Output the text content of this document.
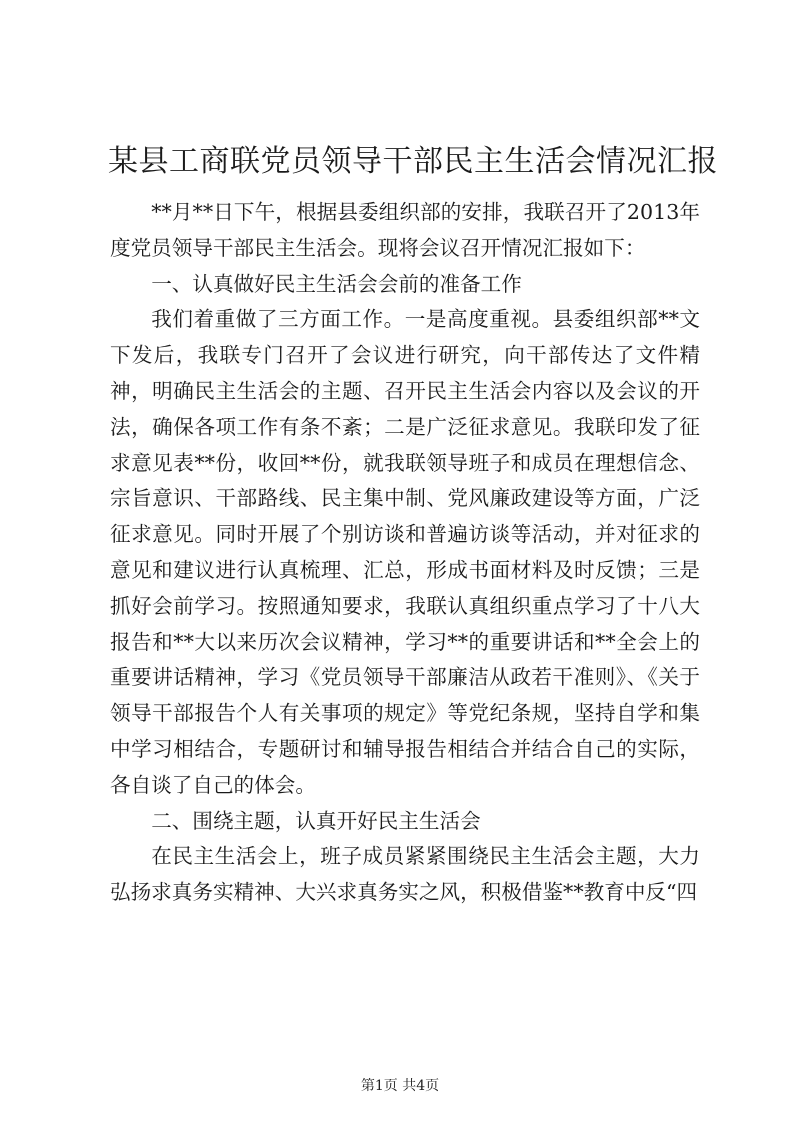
某县工商联党员领导干部民主生活会情况汇报

**月**日下午，根据县委组织部的安排，我联召开了2013年度党员领导干部民主生活会。现将会议召开情况汇报如下：

一、认真做好民主生活会会前的准备工作

我们着重做了三方面工作。一是高度重视。县委组织部**文下发后，我联专门召开了会议进行研究，向干部传达了文件精神，明确民主生活会的主题、召开民主生活会内容以及会议的开法，确保各项工作有条不紊；二是广泛征求意见。我联印发了征求意见表**份，收回**份，就我联领导班子和成员在理想信念、宗旨意识、干部路线、民主集中制、党风廉政建设等方面，广泛征求意见。同时开展了个别访谈和普遍访谈等活动，并对征求的意见和建议进行认真梳理、汇总，形成书面材料及时反馈；三是抓好会前学习。按照通知要求，我联认真组织重点学习了十八大报告和**大以来历次会议精神，学习**的重要讲话和**全会上的重要讲话精神，学习《党员领导干部廉洁从政若干准则》、《关于领导干部报告个人有关事项的规定》等党纪条规，坚持自学和集中学习相结合，专题研讨和辅导报告相结合并结合自己的实际，各自谈了自己的体会。

二、围绕主题，认真开好民主生活会

在民主生活会上，班子成员紧紧围绕民主生活会主题，大力弘扬求真务实精神、大兴求真务实之风，积极借鉴**教育中反“四

第1页 共4页
